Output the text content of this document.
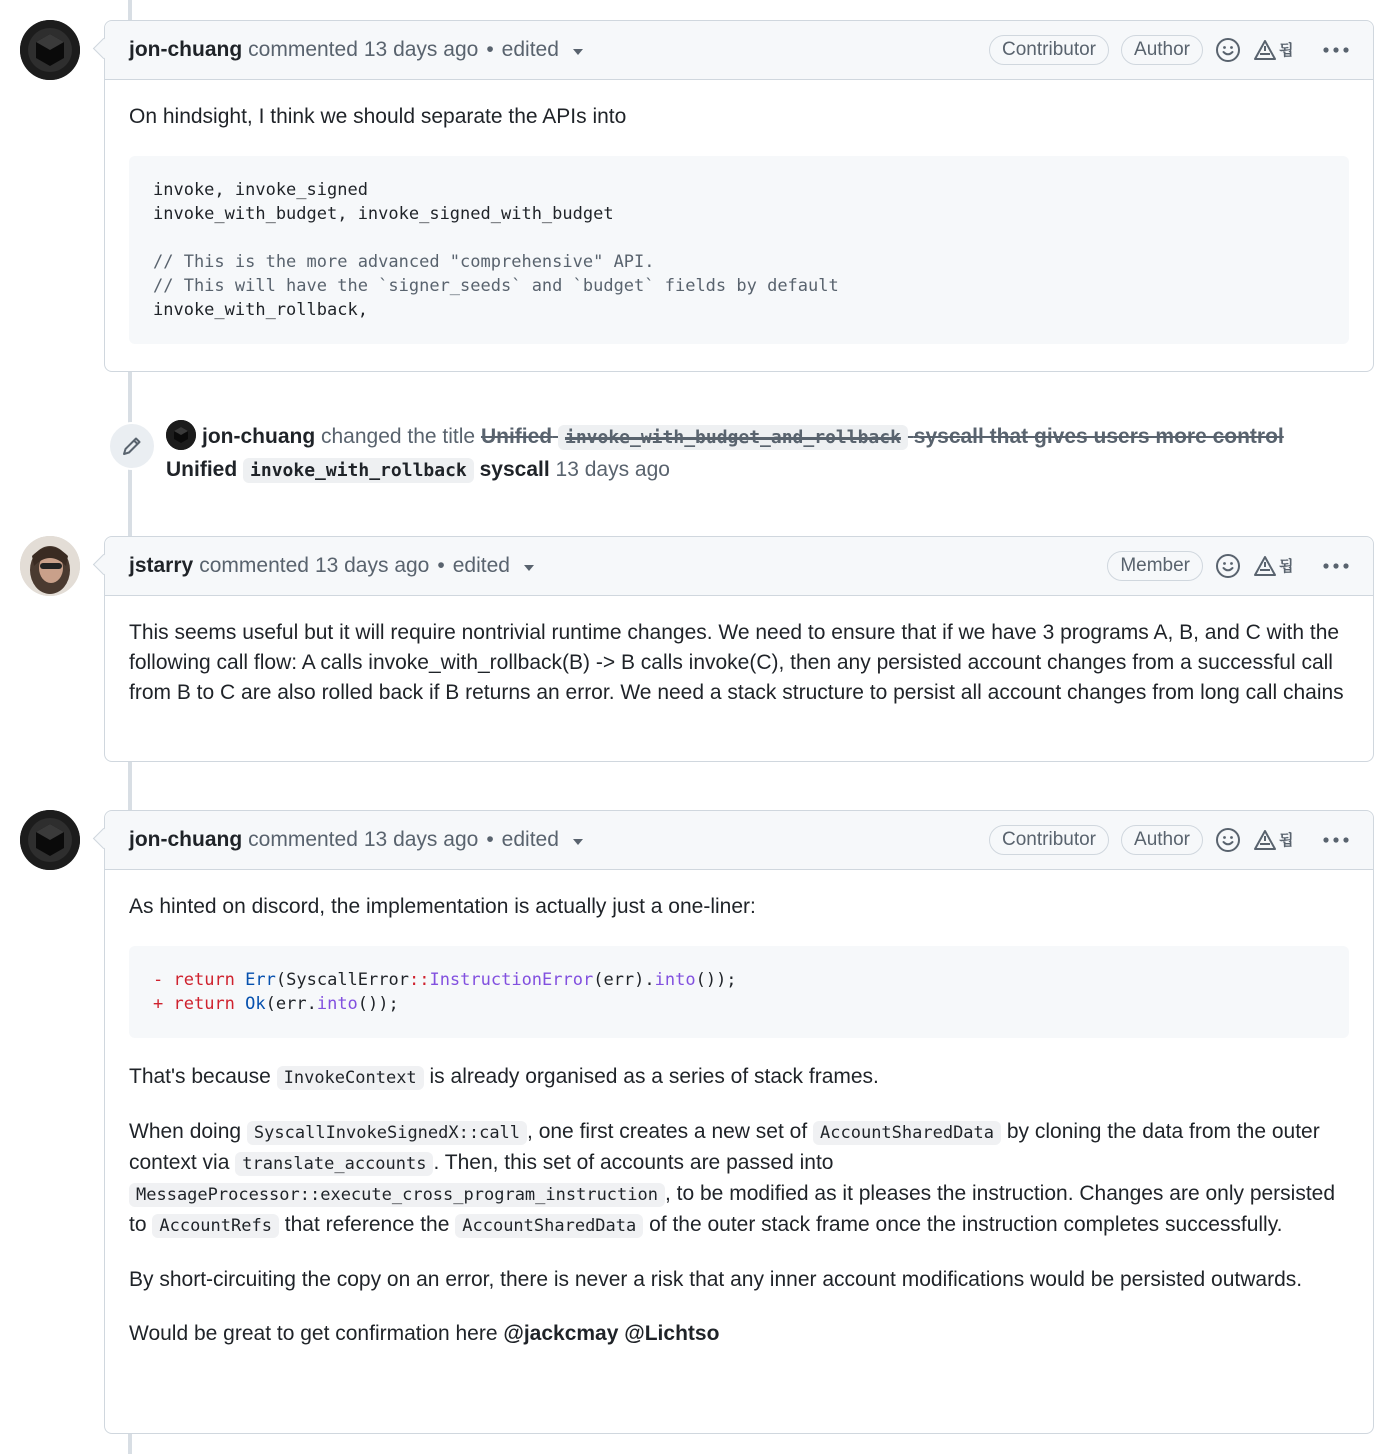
jon-chuang commented 13 days ago • edited	Contributor	Author	됩

On hindsight, I think we should separate the APIs into

invoke, invoke_signed
invoke_with_budget, invoke_signed_with_budget

// This is the more advanced "comprehensive" API.
// This will have the `signer_seeds` and `budget` fields by default
invoke_with_rollback,
jon-chuang changed the title Unified invoke_with_budget_and_rollback syscall that gives users more control
Unified invoke_with_rollback syscall 13 days ago
jstarry commented 13 days ago • edited	Member	됩

This seems useful but it will require nontrivial runtime changes. We need to ensure that if we have 3 programs A, B, and C with the following call flow: A calls invoke_with_rollback(B) -> B calls invoke(C), then any persisted account changes from a successful call from B to C are also rolled back if B returns an error. We need a stack structure to persist all account changes from long call chains

jon-chuang commented 13 days ago • edited	Contributor	Author	됩

As hinted on discord, the implementation is actually just a one-liner:

- return Err(SyscallError::InstructionError(err).into());
+ return Ok(err.into());

That's because InvokeContext is already organised as a series of stack frames.

When doing SyscallInvokeSignedX::call , one first creates a new set of AccountSharedData by cloning the data from the outer context via translate_accounts . Then, this set of accounts are passed into MessageProcessor::execute_cross_program_instruction , to be modified as it pleases the instruction. Changes are only persisted to AccountRefs that reference the AccountSharedData of the outer stack frame once the instruction completes successfully.

By short-circuiting the copy on an error, there is never a risk that any inner account modifications would be persisted outwards.

Would be great to get confirmation here @jackcmay @Lichtso
